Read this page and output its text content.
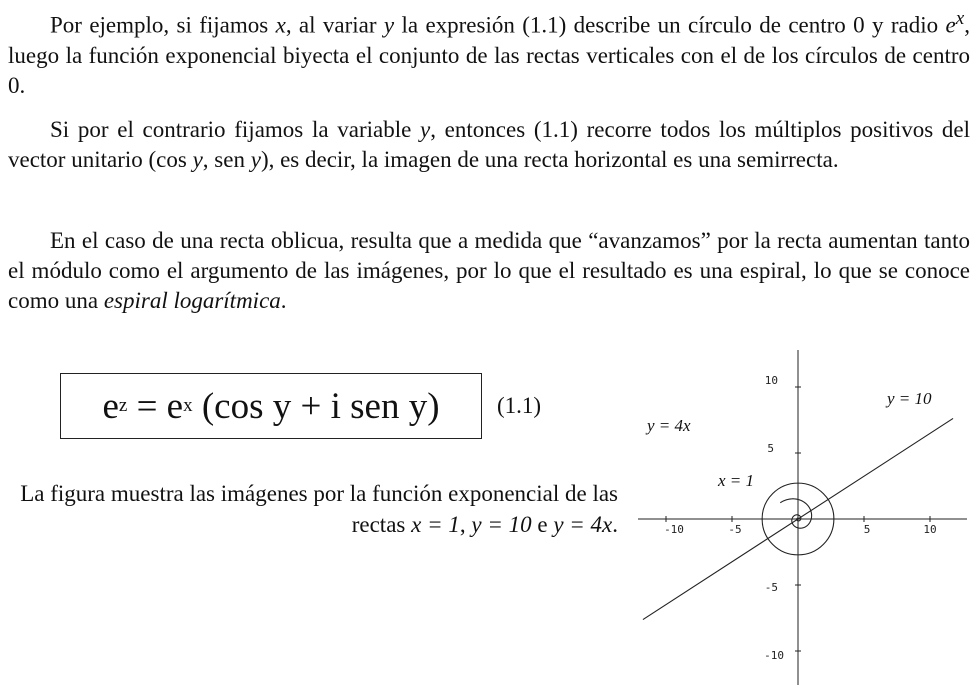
Por ejemplo, si fijamos x, al variar y la expresión (1.1) describe un círculo de centro 0 y radio $e^x$, luego la función exponencial biyecta el conjunto de las rectas verticales con el de los círculos de centro 0.

Si por el contrario fijamos la variable y, entonces (1.1) recorre todos los múltiplos positivos del vector unitario (cos y, sen y), es decir, la imagen de una recta horizontal es una semirrecta.

En el caso de una recta oblicua, resulta que a medida que “avanzamos” por la recta aumentan tanto el módulo como el argumento de las imágenes, por lo que el resultado es una espiral, lo que se conoce como una espiral logarítmica.

e z = e x (cos y + i sen y) (1.1)

La figura muestra las imágenes por la función exponencial de las rectas x = 1, y = 10 e y = 4x.

10
5
-5
-10
-10	-5	5	10
y = 10
y = 4x
x = 1
